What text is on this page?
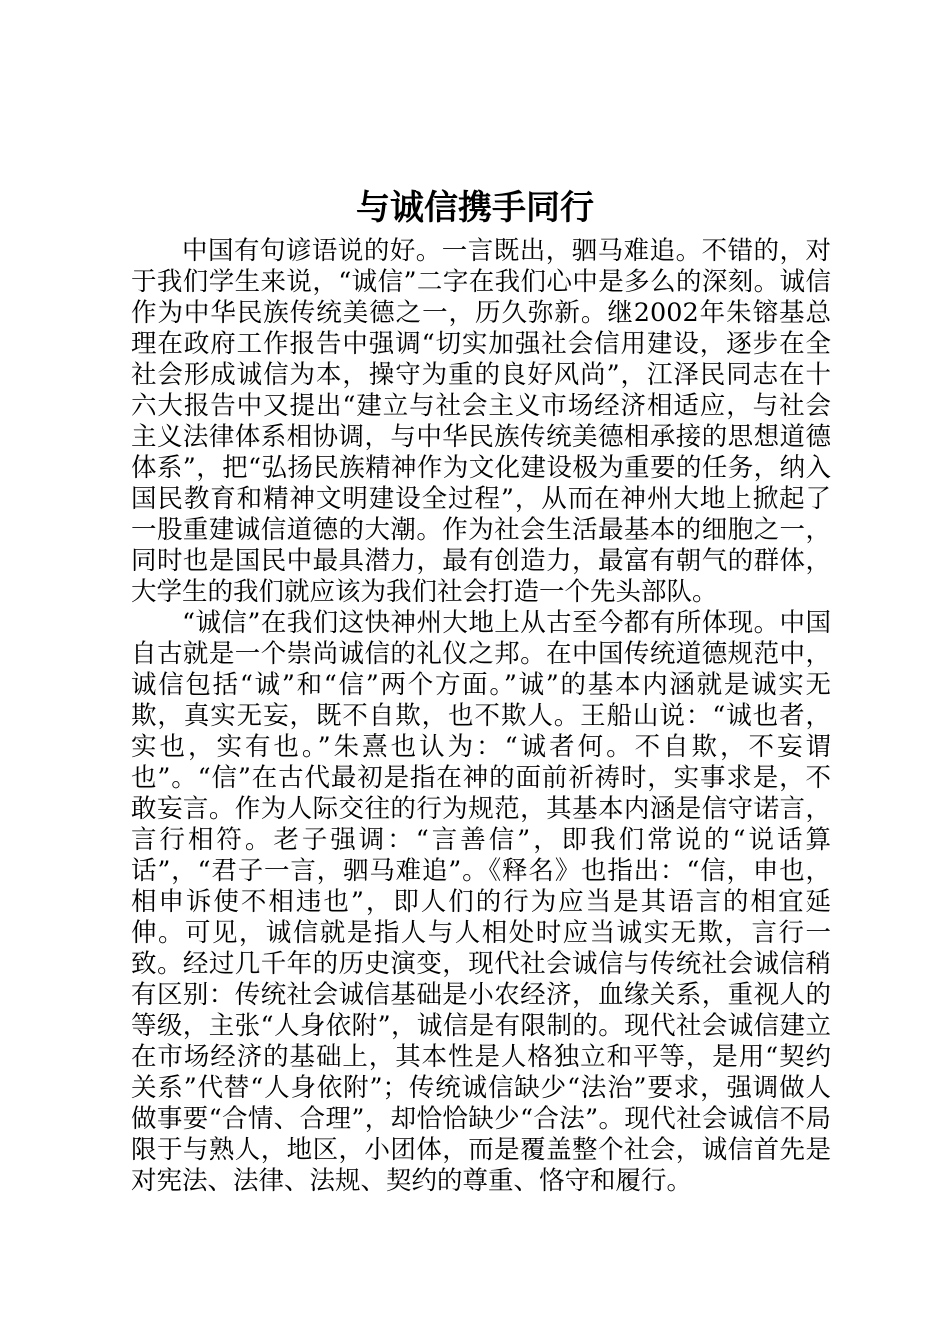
与诚信携手同行

中国有句谚语说的好。一言既出，驷马难追。不错的，对于我们学生来说，“诚信”二字在我们心中是多么的深刻。诚信作为中华民族传统美德之一，历久弥新。继2002年朱镕基总理在政府工作报告中强调“切实加强社会信用建设，逐步在全社会形成诚信为本，操守为重的良好风尚”，江泽民同志在十六大报告中又提出“建立与社会主义市场经济相适应，与社会主义法律体系相协调，与中华民族传统美德相承接的思想道德体系”，把“弘扬民族精神作为文化建设极为重要的任务，纳入国民教育和精神文明建设全过程”，从而在神州大地上掀起了一股重建诚信道德的大潮。作为社会生活最基本的细胞之一，同时也是国民中最具潜力，最有创造力，最富有朝气的群体，大学生的我们就应该为我们社会打造一个先头部队。

“诚信”在我们这快神州大地上从古至今都有所体现。中国自古就是一个崇尚诚信的礼仪之邦。在中国传统道德规范中，诚信包括“诚”和“信”两个方面。”诚”的基本内涵就是诚实无欺，真实无妄，既不自欺，也不欺人。王船山说：“诚也者，实也，实有也。”朱熹也认为：“诚者何。不自欺，不妄谓也”。“信”在古代最初是指在神的面前祈祷时，实事求是，不敢妄言。作为人际交往的行为规范，其基本内涵是信守诺言，言行相符。老子强调：“言善信”，即我们常说的“说话算话”，“君子一言，驷马难追”。《释名》也指出：“信，申也，相申诉使不相违也”，即人们的行为应当是其语言的相宜延伸。可见，诚信就是指人与人相处时应当诚实无欺，言行一致。经过几千年的历史演变，现代社会诚信与传统社会诚信稍有区别：传统社会诚信基础是小农经济，血缘关系，重视人的等级，主张“人身依附”，诚信是有限制的。现代社会诚信建立在市场经济的基础上，其本性是人格独立和平等，是用“契约关系”代替“人身依附”；传统诚信缺少“法治”要求，强调做人做事要“合情、合理”，却恰恰缺少“合法”。现代社会诚信不局限于与熟人，地区，小团体，而是覆盖整个社会，诚信首先是对宪法、法律、法规、契约的尊重、恪守和履行。
